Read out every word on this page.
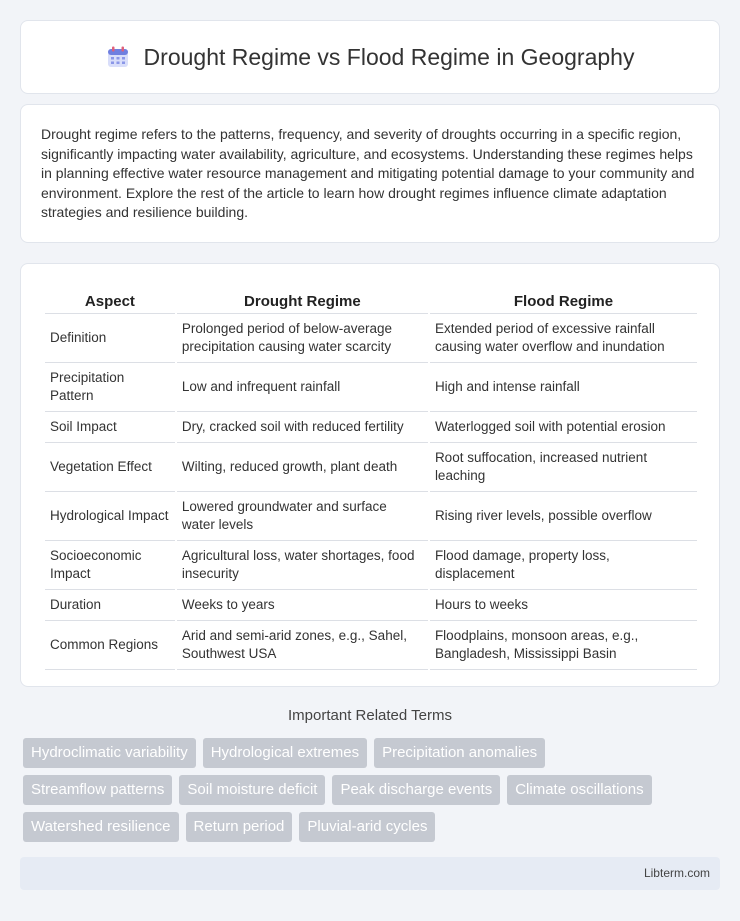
Drought Regime vs Flood Regime in Geography

Drought regime refers to the patterns, frequency, and severity of droughts occurring in a specific region, significantly impacting water availability, agriculture, and ecosystems. Understanding these regimes helps in planning effective water resource management and mitigating potential damage to your community and environment. Explore the rest of the article to learn how drought regimes influence climate adaptation strategies and resilience building.

Aspect	Drought Regime	Flood Regime
Definition	Prolonged period of below-average precipitation causing water scarcity	Extended period of excessive rainfall causing water overflow and inundation
Precipitation Pattern	Low and infrequent rainfall	High and intense rainfall
Soil Impact	Dry, cracked soil with reduced fertility	Waterlogged soil with potential erosion
Vegetation Effect	Wilting, reduced growth, plant death	Root suffocation, increased nutrient leaching
Hydrological Impact	Lowered groundwater and surface water levels	Rising river levels, possible overflow
Socioeconomic Impact	Agricultural loss, water shortages, food insecurity	Flood damage, property loss, displacement
Duration	Weeks to years	Hours to weeks
Common Regions	Arid and semi-arid zones, e.g., Sahel, Southwest USA	Floodplains, monsoon areas, e.g., Bangladesh, Mississippi Basin
Important Related Terms
Hydroclimatic variability	Hydrological extremes	Precipitation anomalies
Streamflow patterns	Soil moisture deficit	Peak discharge events	Climate oscillations
Watershed resilience	Return period	Pluvial-arid cycles
Libterm.com
